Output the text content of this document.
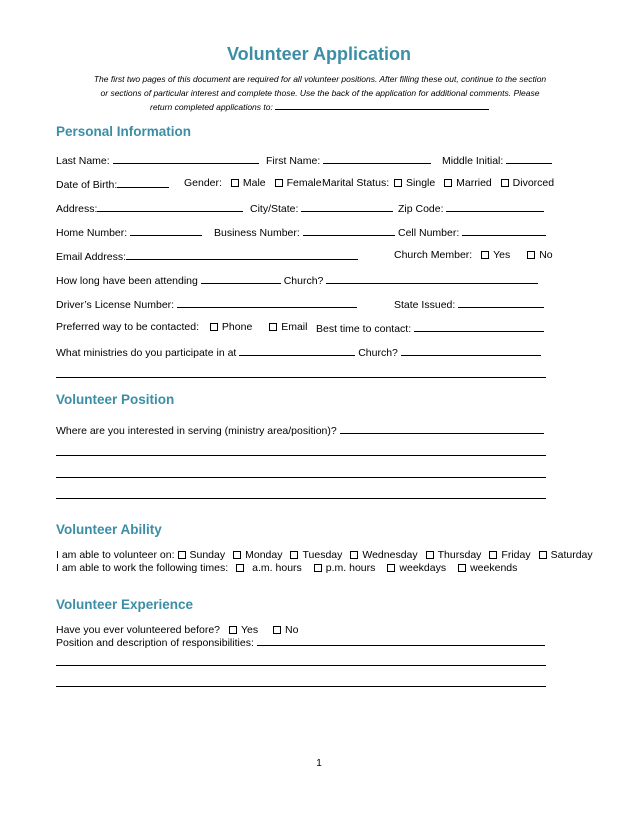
Volunteer Application
The first two pages of this document are required for all volunteer positions. After filling these out, continue to the section
or sections of particular interest and complete those. Use the back of the application for additional comments. Please
return completed applications to:
Personal Information
Last Name:	First Name:	Middle Initial:
Date of Birth:	Gender: Male Female Marital Status: Single Married Divorced
Address:	City/State:	Zip Code:
Home Number:	Business Number:	Cell Number:
Email Address:	Church Member: Yes	No
How long have been attending	Church?
Driver’s License Number:	State Issued:
Preferred way to be contacted: Phone	Email Best time to contact:
What ministries do you participate in at	Church?
Volunteer Position
Where are you interested in serving (ministry area/position)?
Volunteer Ability
I am able to volunteer on: Sunday Monday Tuesday Wednesday Thursday Friday Saturday
I am able to work the following times: a.m. hours p.m. hours weekdays weekends
Volunteer Experience
Have you ever volunteered before? Yes	No
Position and description of responsibilities:
1
